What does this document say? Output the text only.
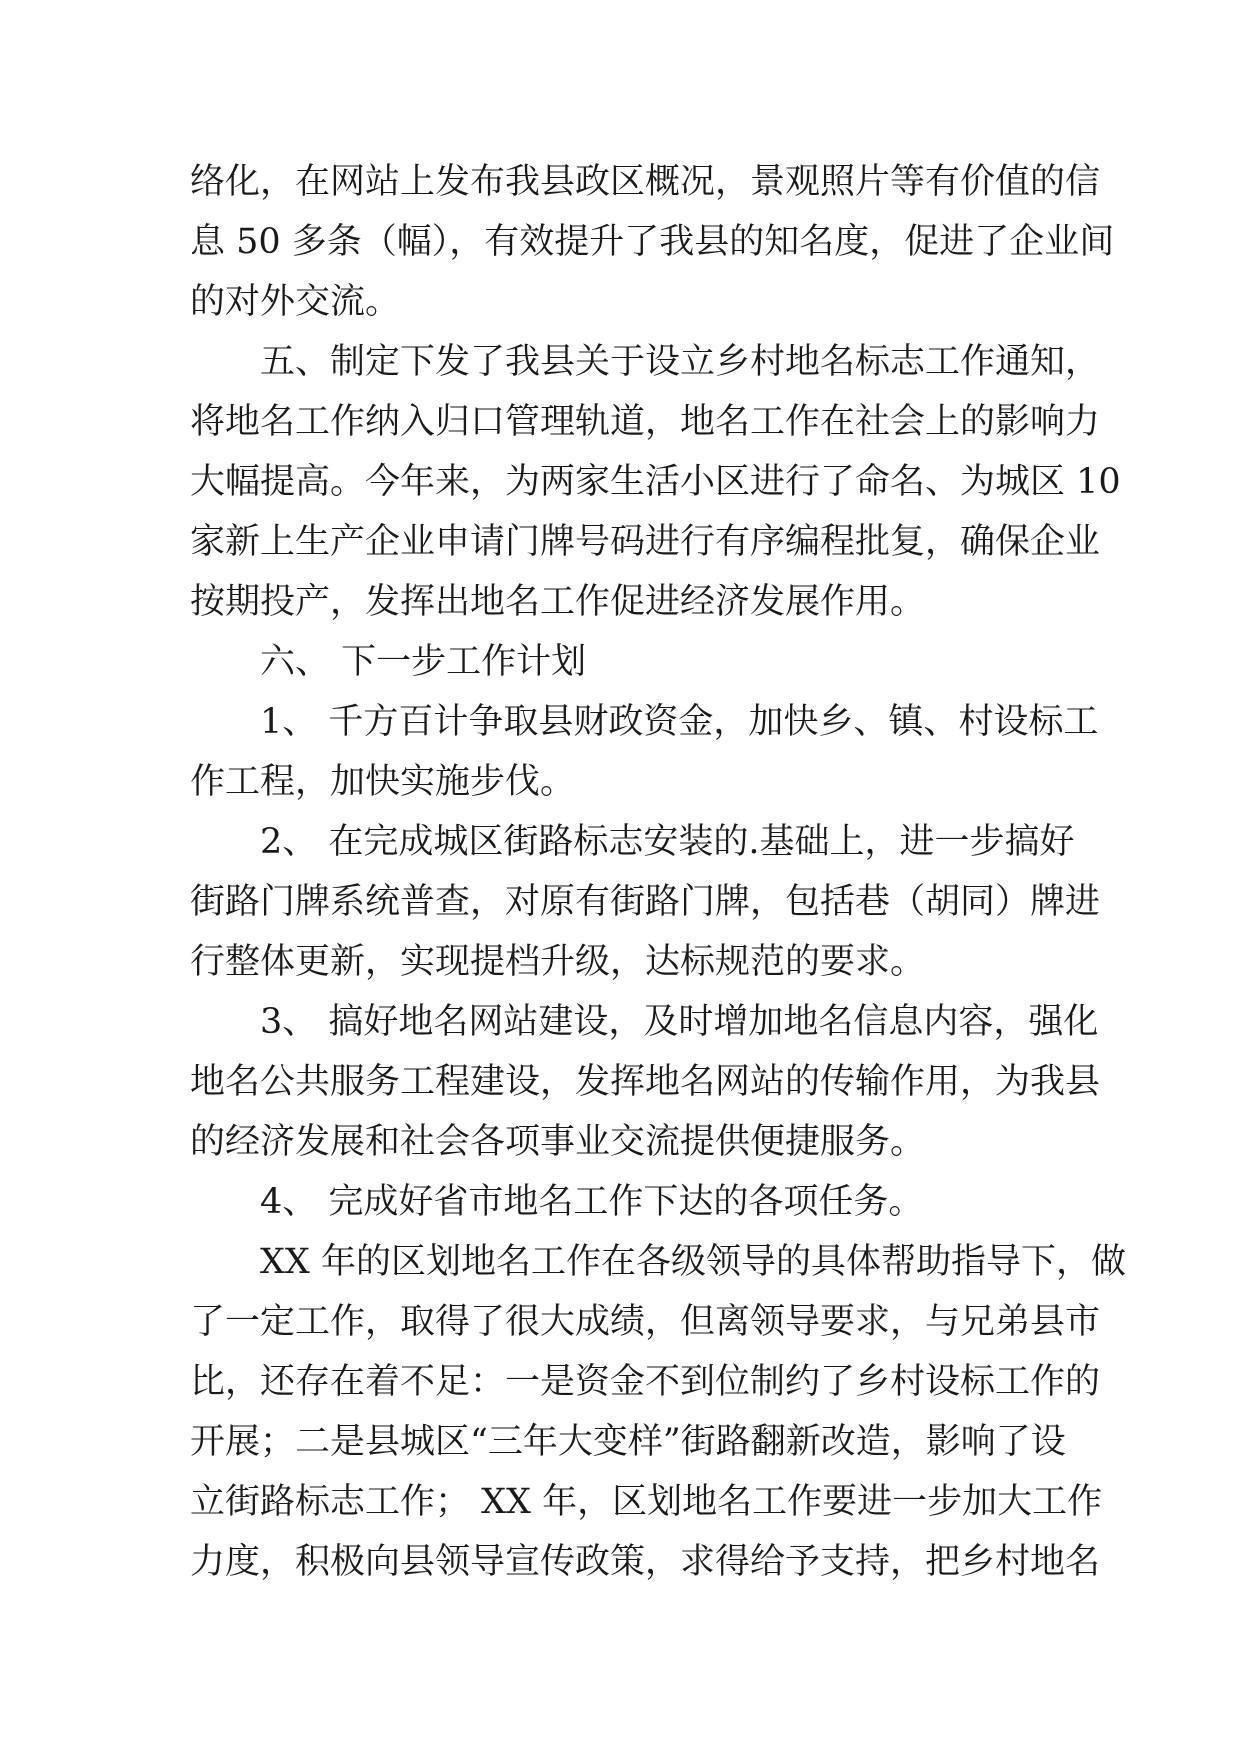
络化，在网站上发布我县政区概况，景观照片等有价值的信

息 50 多条（幅），有效提升了我县的知名度，促进了企业间

的对外交流。

五、制定下发了我县关于设立乡村地名标志工作通知，

将地名工作纳入归口管理轨道，地名工作在社会上的影响力

大幅提高。今年来，为两家生活小区进行了命名、为城区 10

家新上生产企业申请门牌号码进行有序编程批复，确保企业

按期投产，发挥出地名工作促进经济发展作用。

六、 下一步工作计划

1、 千方百计争取县财政资金，加快乡、镇、村设标工

作工程，加快实施步伐。

2、 在完成城区街路标志安装的.基础上，进一步搞好

街路门牌系统普查，对原有街路门牌，包括巷（胡同）牌进

行整体更新，实现提档升级，达标规范的要求。

3、 搞好地名网站建设，及时增加地名信息内容，强化

地名公共服务工程建设，发挥地名网站的传输作用，为我县

的经济发展和社会各项事业交流提供便捷服务。

4、 完成好省市地名工作下达的各项任务。

XX 年的区划地名工作在各级领导的具体帮助指导下，做

了一定工作，取得了很大成绩，但离领导要求，与兄弟县市

比，还存在着不足：一是资金不到位制约了乡村设标工作的

开展；二是县城区“三年大变样”街路翻新改造，影响了设

立街路标志工作； XX 年，区划地名工作要进一步加大工作

力度，积极向县领导宣传政策，求得给予支持，把乡村地名
